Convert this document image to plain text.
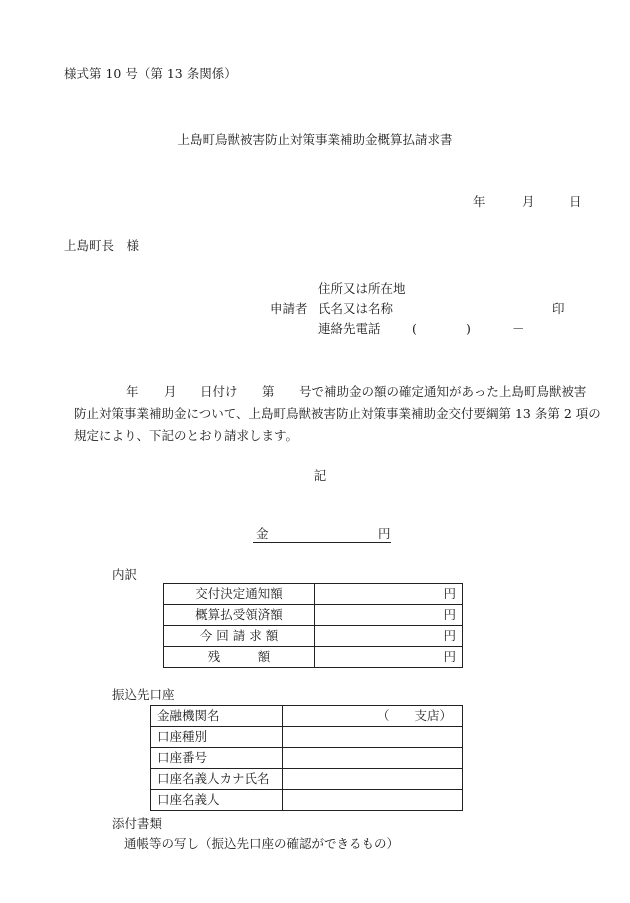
様式第 10 号（第 13 条関係）
上島町鳥獣被害防止対策事業補助金概算払請求書
年	月	日
上島町長　様
住所又は所在地
申請者 氏名又は名称	印
連絡先電話	(	)	－
年 月 日付け 第 号で補助金の額の確定通知があった上島町鳥獣被害
防止対策事業補助金について、上島町鳥獣被害防止対策事業補助金交付要綱第 13 条第 2 項の
規定により、下記のとおり請求します。
記
金	円
内訳
交付決定通知額	円
概算払受領済額	円
今 回 請 求 額	円
残　　　額	円
振込先口座
金融機関名	（　　支店）
口座種別	
口座番号	
口座名義人カナ氏名	
口座名義人	
添付書類
通帳等の写し（振込先口座の確認ができるもの）
